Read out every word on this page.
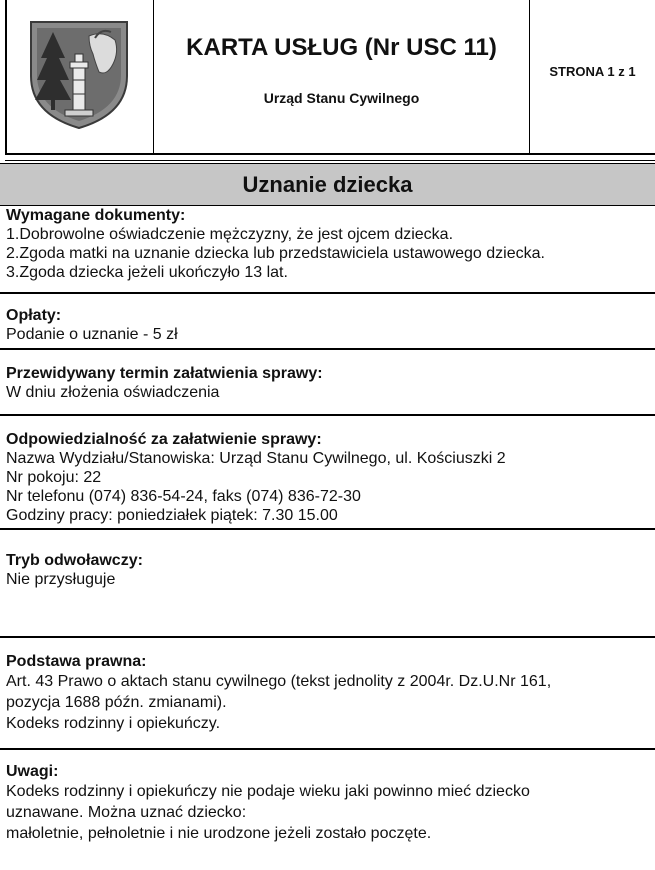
KARTA USŁUG (Nr USC 11)
Urząd Stanu Cywilnego
STRONA 1 z 1
Uznanie dziecka

Wymagane dokumenty:

1.Dobrowolne oświadczenie mężczyzny, że jest ojcem dziecka.

2.Zgoda matki na uznanie dziecka lub przedstawiciela ustawowego dziecka.

3.Zgoda dziecka jeżeli ukończyło 13 lat.

Opłaty:

Podanie o uznanie - 5 zł

Przewidywany termin załatwienia sprawy:

W dniu złożenia oświadczenia

Odpowiedzialność za załatwienie sprawy:

Nazwa Wydziału/Stanowiska: Urząd Stanu Cywilnego, ul. Kościuszki 2

Nr pokoju: 22

Nr telefonu (074) 836-54-24, faks (074) 836-72-30

Godziny pracy: poniedziałek piątek: 7.30 15.00

Tryb odwoławczy:

Nie przysługuje

Podstawa prawna:

Art. 43 Prawo o aktach stanu cywilnego (tekst jednolity z 2004r. Dz.U.Nr 161,

pozycja 1688 późn. zmianami).

Kodeks rodzinny i opiekuńczy.

Uwagi:

Kodeks rodzinny i opiekuńczy nie podaje wieku jaki powinno mieć dziecko

uznawane. Można uznać dziecko:

małoletnie, pełnoletnie i nie urodzone jeżeli zostało poczęte.
